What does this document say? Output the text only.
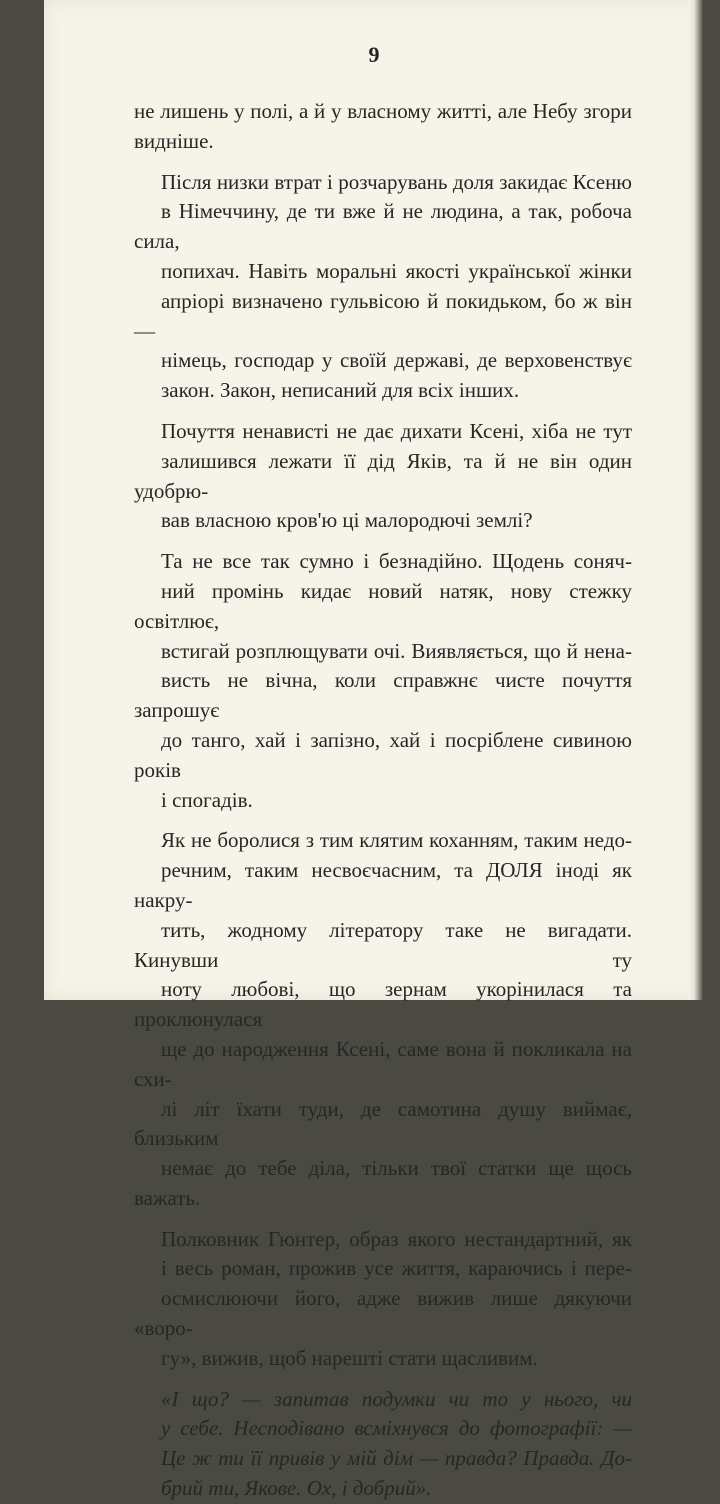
9

не лишень у полі, а й у власному житті, але Небу згори
видніше.

Після низки втрат і розчарувань доля закидає Ксеню
в Німеччину, де ти вже й не людина, а так, робоча сила,
попихач. Навіть моральні якості української жінки
апріорі визначено гульвісою й покидьком, бо ж він —
німець, господар у своїй державі, де верховенствує
закон. Закон, неписаний для всіх інших.

Почуття ненависті не дає дихати Ксені, хіба не тут
залишився лежати її дід Яків, та й не він один удобрю-
вав власною кров'ю ці малородючі землі?

Та не все так сумно і безнадійно. Щодень соняч-
ний промінь кидає новий натяк, нову стежку освітлює,
встигай розплющувати очі. Виявляється, що й нена-
висть не вічна, коли справжнє чисте почуття запрошує
до танго, хай і запізно, хай і посріблене сивиною років
і спогадів.

Як не боролися з тим клятим коханням, таким недо-
речним, таким несвоєчасним, та ДОЛЯ іноді як накру-
тить, жодному літератору таке не вигадати. Кинувши ту
ноту любові, що зернам укорінилася та проклюнулася
ще до народження Ксені, саме вона й покликала на схи-
лі літ їхати туди, де самотина душу виймає, близьким
немає до тебе діла, тільки твої статки ще щось важать.

Полковник Гюнтер, образ якого нестандартний, як
і весь роман, прожив усе життя, караючись і пере-
осмислюючи його, адже вижив лише дякуючи «воро-
гу», вижив, щоб нарешті стати щасливим.

«І що? — запитав подумки чи то у нього, чи
у себе. Несподівано всміхнувся до фотографії: —
Це ж ти її привів у мій дім — правда? Правда. До-
брий ти, Якове. Ох, і добрий».
